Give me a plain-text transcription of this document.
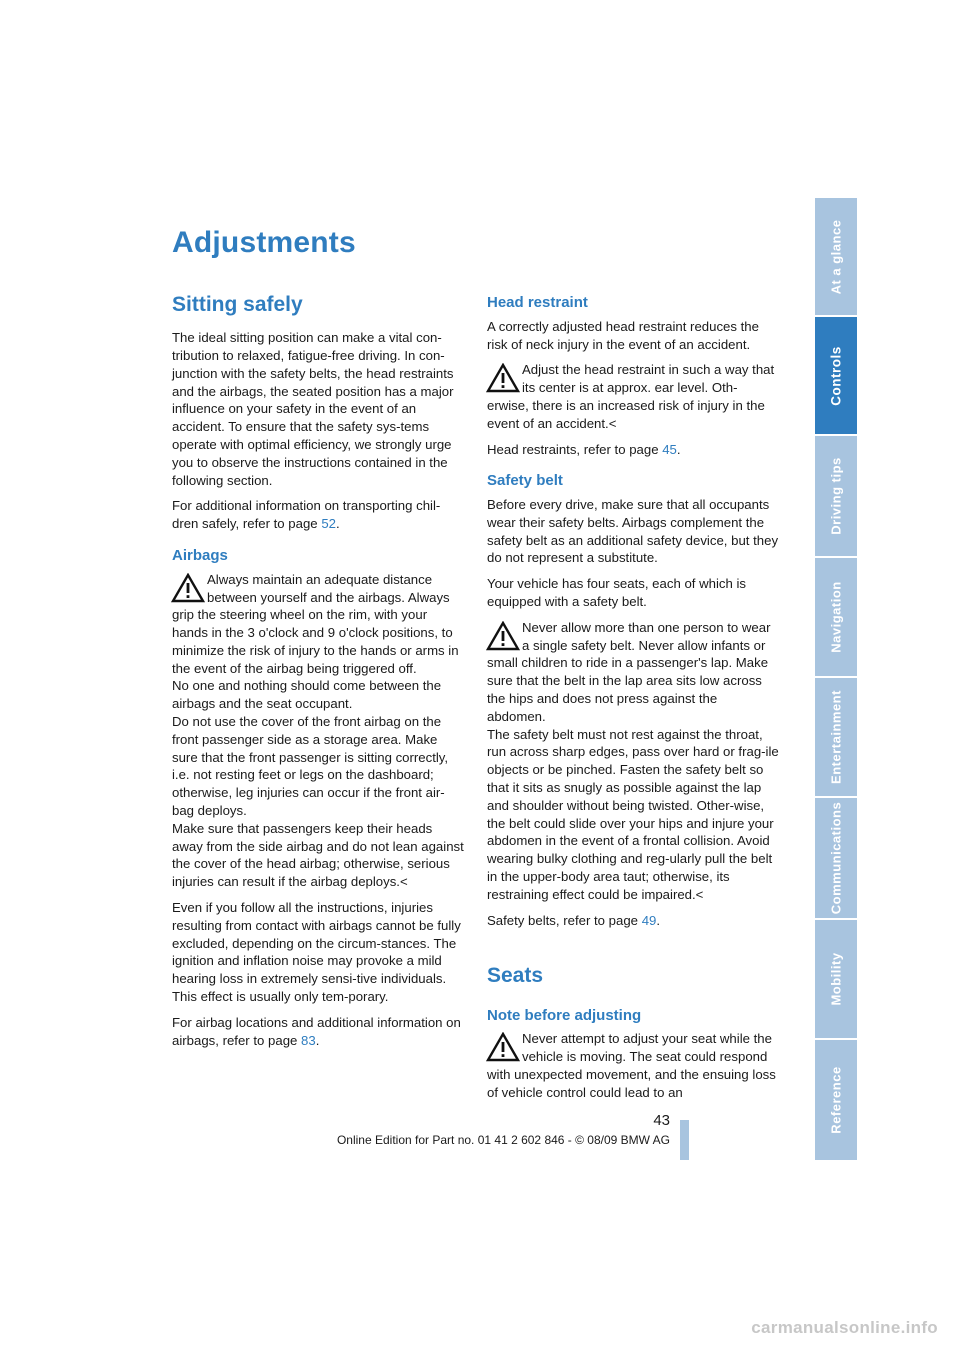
Adjustments
Sitting safely

The ideal sitting position can make a vital con-tribution to relaxed, fatigue-free driving. In con-junction with the safety belts, the head restraints and the airbags, the seated position has a major influence on your safety in the event of an accident. To ensure that the safety sys-tems operate with optimal efficiency, we strongly urge you to observe the instructions contained in the following section.

For additional information on transporting chil-dren safely, refer to page 52.

Airbags

Always maintain an adequate distance between yourself and the airbags. Always grip the steering wheel on the rim, with your hands in the 3 o'clock and 9 o'clock positions, to minimize the risk of injury to the hands or arms in the event of the airbag being triggered off.

No one and nothing should come between the airbags and the seat occupant.

Do not use the cover of the front airbag on the front passenger side as a storage area. Make sure that the front passenger is sitting correctly, i.e. not resting feet or legs on the dashboard; otherwise, leg injuries can occur if the front air-bag deploys.

Make sure that passengers keep their heads away from the side airbag and do not lean against the cover of the head airbag; otherwise, serious injuries can result if the airbag deploys.<

Even if you follow all the instructions, injuries resulting from contact with airbags cannot be fully excluded, depending on the circum-stances. The ignition and inflation noise may provoke a mild hearing loss in extremely sensi-tive individuals. This effect is usually only tem-porary.

For airbag locations and additional information on airbags, refer to page 83.

Head restraint

A correctly adjusted head restraint reduces the risk of neck injury in the event of an accident.

Adjust the head restraint in such a way that its center is at approx. ear level. Oth-erwise, there is an increased risk of injury in the event of an accident.<

Head restraints, refer to page 45.

Safety belt

Before every drive, make sure that all occupants wear their safety belts. Airbags complement the safety belt as an additional safety device, but they do not represent a substitute.

Your vehicle has four seats, each of which is equipped with a safety belt.

Never allow more than one person to wear a single safety belt. Never allow infants or small children to ride in a passenger's lap. Make sure that the belt in the lap area sits low across the hips and does not press against the abdomen.

The safety belt must not rest against the throat, run across sharp edges, pass over hard or frag-ile objects or be pinched. Fasten the safety belt so that it sits as snugly as possible against the lap and shoulder without being twisted. Other-wise, the belt could slide over your hips and injure your abdomen in the event of a frontal collision. Avoid wearing bulky clothing and reg-ularly pull the belt in the upper-body area taut; otherwise, its restraining effect could be impaired.<

Safety belts, refer to page 49.

Seats
Note before adjusting

Never attempt to adjust your seat while the vehicle is moving. The seat could respond with unexpected movement, and the ensuing loss of vehicle control could lead to an

At a glance
Controls
Driving tips
Navigation
Entertainment
Communications
Mobility
Reference
43
Online Edition for Part no. 01 41 2 602 846 - © 08/09 BMW AG
carmanualsonline.info
